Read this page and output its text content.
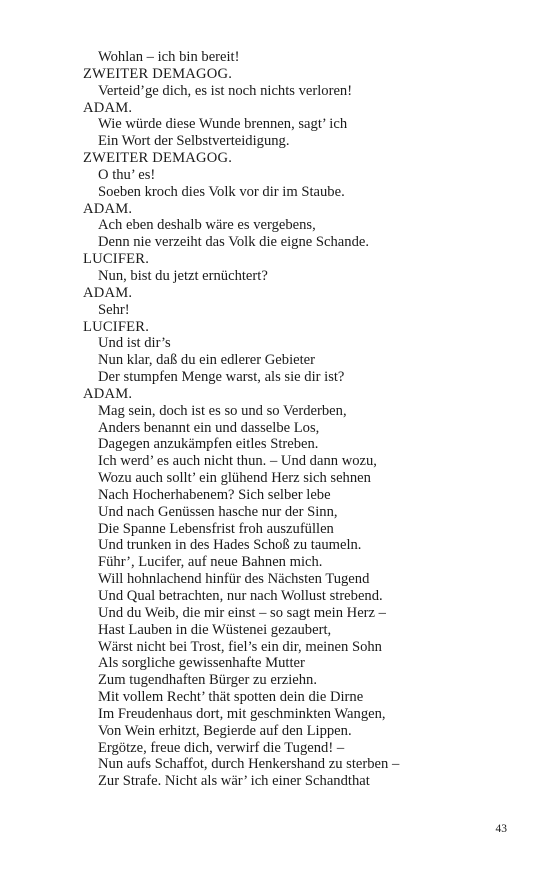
Wohlan – ich bin bereit!
ZWEITER DEMAGOG.
Verteid’ge dich, es ist noch nichts verloren!
ADAM.
Wie würde diese Wunde brennen, sagt’ ich
Ein Wort der Selbstverteidigung.
ZWEITER DEMAGOG.
O thu’ es!
Soeben kroch dies Volk vor dir im Staube.
ADAM.
Ach eben deshalb wäre es vergebens,
Denn nie verzeiht das Volk die eigne Schande.
LUCIFER.
Nun, bist du jetzt ernüchtert?
ADAM.
Sehr!
LUCIFER.
Und ist dir’s
Nun klar, daß du ein edlerer Gebieter
Der stumpfen Menge warst, als sie dir ist?
ADAM.
Mag sein, doch ist es so und so Verderben,
Anders benannt ein und dasselbe Los,
Dagegen anzukämpfen eitles Streben.
Ich werd’ es auch nicht thun. – Und dann wozu,
Wozu auch sollt’ ein glühend Herz sich sehnen
Nach Hocherhabenem? Sich selber lebe
Und nach Genüssen hasche nur der Sinn,
Die Spanne Lebensfrist froh auszufüllen
Und trunken in des Hades Schoß zu taumeln.
Führ’, Lucifer, auf neue Bahnen mich.
Will hohnlachend hinfür des Nächsten Tugend
Und Qual betrachten, nur nach Wollust strebend.
Und du Weib, die mir einst – so sagt mein Herz –
Hast Lauben in die Wüstenei gezaubert,
Wärst nicht bei Trost, fiel’s ein dir, meinen Sohn
Als sorgliche gewissenhafte Mutter
Zum tugendhaften Bürger zu erziehn.
Mit vollem Recht’ thät spotten dein die Dirne
Im Freudenhaus dort, mit geschminkten Wangen,
Von Wein erhitzt, Begierde auf den Lippen.
Ergötze, freue dich, verwirf die Tugend! –
Nun aufs Schaffot, durch Henkershand zu sterben –
Zur Strafe. Nicht als wär’ ich einer Schandthat
43
